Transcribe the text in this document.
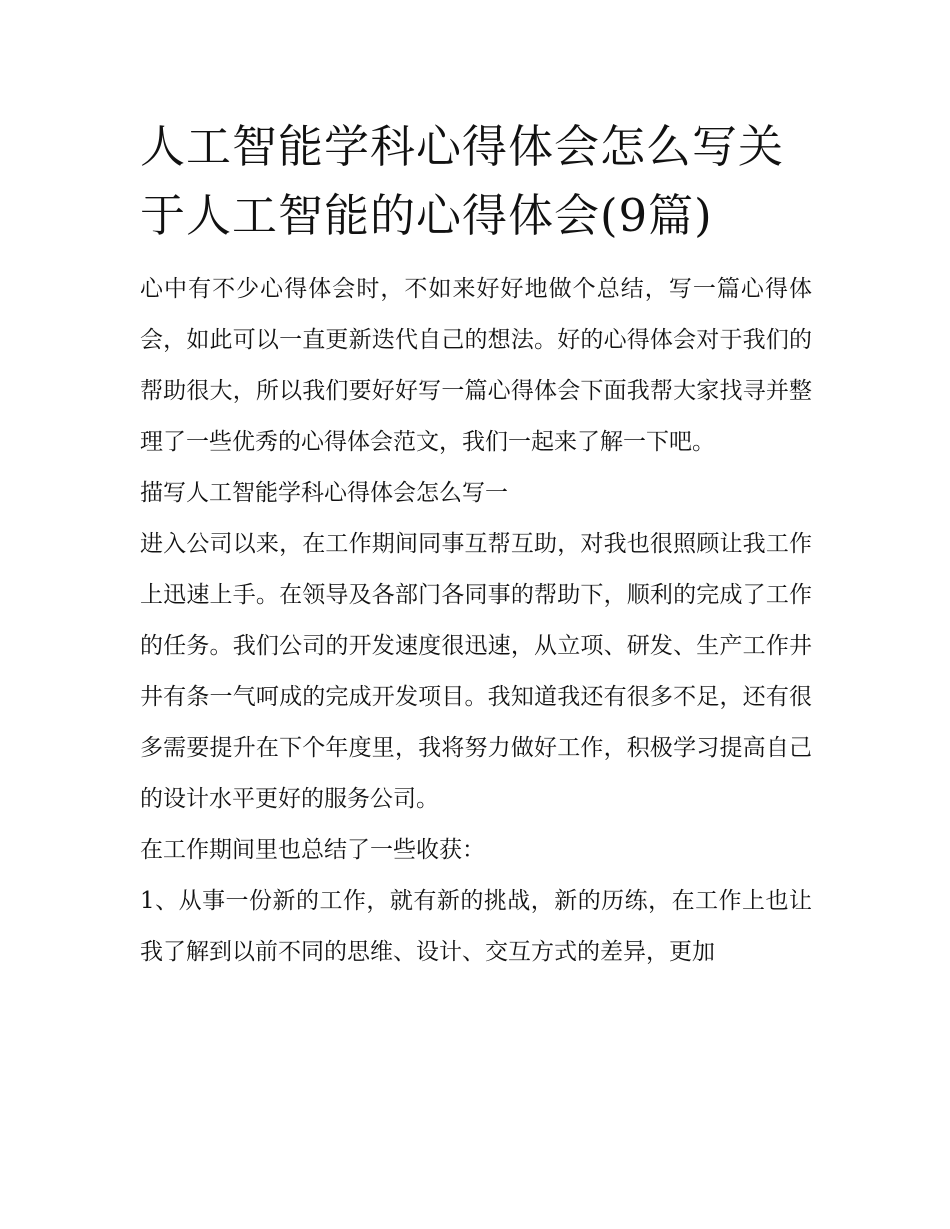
人工智能学科心得体会怎么写关于人工智能的心得体会(9篇)

心中有不少心得体会时，不如来好好地做个总结，写一篇心得体会，如此可以一直更新迭代自己的想法。好的心得体会对于我们的帮助很大，所以我们要好好写一篇心得体会下面我帮大家找寻并整理了一些优秀的心得体会范文，我们一起来了解一下吧。

描写人工智能学科心得体会怎么写一

进入公司以来，在工作期间同事互帮互助，对我也很照顾让我工作上迅速上手。在领导及各部门各同事的帮助下，顺利的完成了工作的任务。我们公司的开发速度很迅速，从立项、研发、生产工作井井有条一气呵成的完成开发项目。我知道我还有很多不足，还有很多需要提升在下个年度里，我将努力做好工作，积极学习提高自己的设计水平更好的服务公司。

在工作期间里也总结了一些收获：

1、从事一份新的工作，就有新的挑战，新的历练，在工作上也让我了解到以前不同的思维、设计、交互方式的差异，更加
